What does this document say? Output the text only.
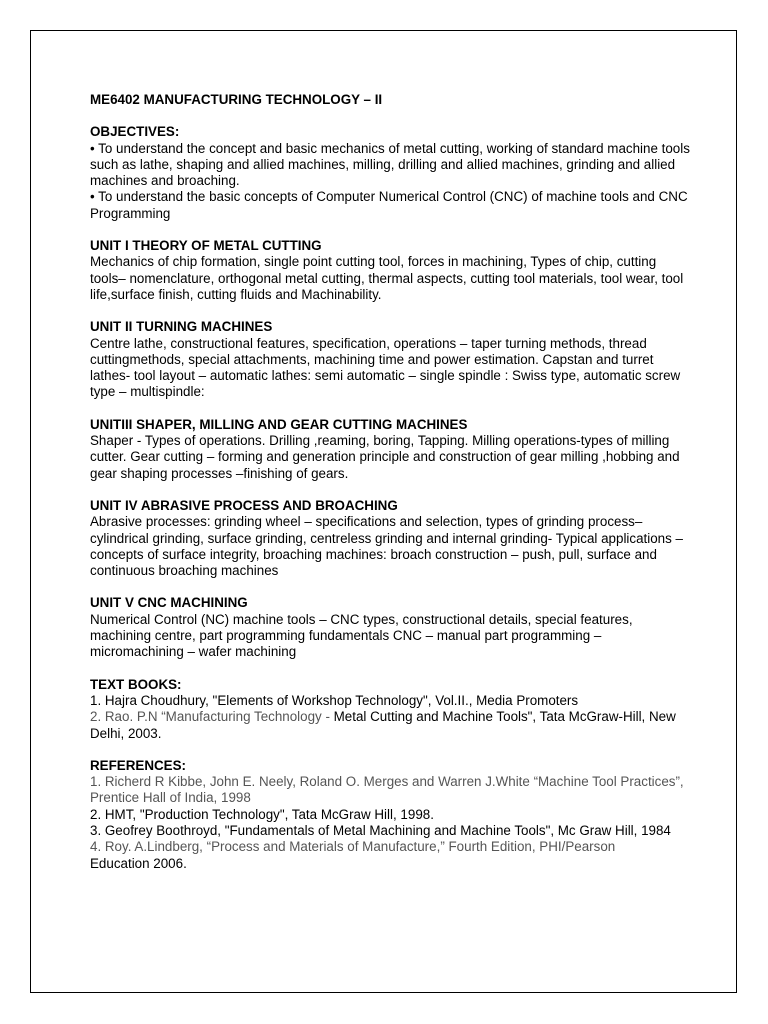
ME6402 MANUFACTURING TECHNOLOGY – II
OBJECTIVES:

• To understand the concept and basic mechanics of metal cutting, working of standard machine tools such as lathe, shaping and allied machines, milling, drilling and allied machines, grinding and allied machines and broaching.

• To understand the basic concepts of Computer Numerical Control (CNC) of machine tools and CNC Programming

UNIT I THEORY OF METAL CUTTING

Mechanics of chip formation, single point cutting tool, forces in machining, Types of chip, cutting tools– nomenclature, orthogonal metal cutting, thermal aspects, cutting tool materials, tool wear, tool life,surface finish, cutting fluids and Machinability.

UNIT II TURNING MACHINES

Centre lathe, constructional features, specification, operations – taper turning methods, thread cuttingmethods, special attachments, machining time and power estimation. Capstan and turret lathes- tool layout – automatic lathes: semi automatic – single spindle : Swiss type, automatic screw type – multispindle:

UNITIII SHAPER, MILLING AND GEAR CUTTING MACHINES

Shaper - Types of operations. Drilling ,reaming, boring, Tapping. Milling operations-types of milling cutter. Gear cutting – forming and generation principle and construction of gear milling ,hobbing and gear shaping processes –finishing of gears.

UNIT IV ABRASIVE PROCESS AND BROACHING

Abrasive processes: grinding wheel – specifications and selection, types of grinding process– cylindrical grinding, surface grinding, centreless grinding and internal grinding- Typical applications –concepts of surface integrity, broaching machines: broach construction – push, pull, surface and continuous broaching machines

UNIT V CNC MACHINING

Numerical Control (NC) machine tools – CNC types, constructional details, special features, machining centre, part programming fundamentals CNC – manual part programming – micromachining – wafer machining

TEXT BOOKS:

1. Hajra Choudhury, "Elements of Workshop Technology", Vol.II., Media Promoters

2. Rao. P.N “Manufacturing Technology - Metal Cutting and Machine Tools", Tata McGraw-Hill, New Delhi, 2003.

REFERENCES:

1. Richerd R Kibbe, John E. Neely, Roland O. Merges and Warren J.White “Machine Tool Practices”, Prentice Hall of India, 1998

2. HMT, "Production Technology", Tata McGraw Hill, 1998.

3. Geofrey Boothroyd, "Fundamentals of Metal Machining and Machine Tools", Mc Graw Hill, 1984

4. Roy. A.Lindberg, “Process and Materials of Manufacture,” Fourth Edition, PHI/Pearson
Education 2006.
